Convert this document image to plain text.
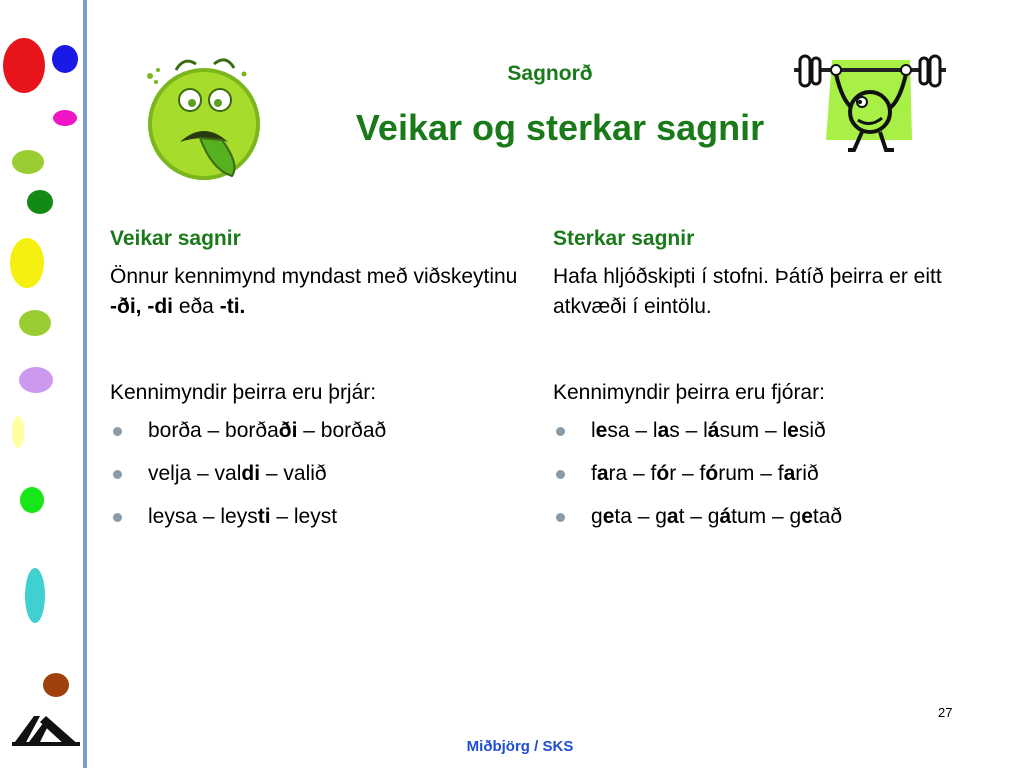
Sagnorð
Veikar og sterkar sagnir
Veikar sagnir

Önnur kennimynd myndast með viðskeytinu -ði, -di eða -ti.

Kennimyndir þeirra eru þrjár:

borða – borðaði – borðað
velja – valdi – valið
leysa – leysti – leyst
Sterkar sagnir

Hafa hljóðskipti í stofni. Þátíð þeirra er eitt atkvæði í eintölu.

Kennimyndir þeirra eru fjórar:

lesa – las – lásum – lesið
fara – fór – fórum – farið
geta – gat – gátum – getað
27
Miðbjörg / SKS
